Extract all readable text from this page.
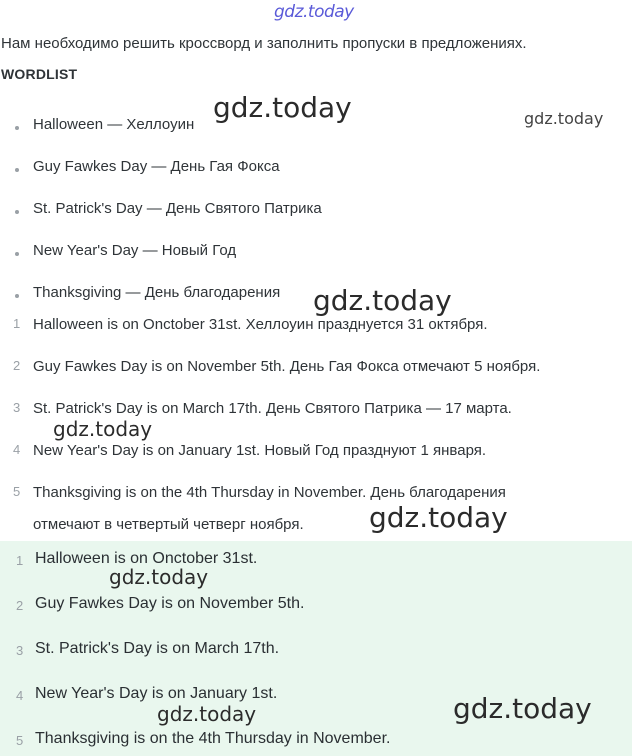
gdz.today
Нам необходимо решить кроссворд и заполнить пропуски в предложениях.
WORDLIST
Halloween — Хеллоуин
Guy Fawkes Day — День Гая Фокса
St. Patrick's Day — День Святого Патрика
New Year's Day — Новый Год
Thanksgiving — День благодарения
1 Halloween is on Onctober 31st. Хеллоуин празднуется 31 октября.
2 Guy Fawkes Day is on November 5th. День Гая Фокса отмечают 5 ноября.
3 St. Patrick's Day is on March 17th. День Святого Патрика — 17 марта.
4 New Year's Day is on January 1st. Новый Год празднуют 1 января.
5 Thanksgiving is on the 4th Thursday in November. День благодарения
отмечают в четвертый четверг ноября.
1 Halloween is on Onctober 31st.
2 Guy Fawkes Day is on November 5th.
3 St. Patrick's Day is on March 17th.
4 New Year's Day is on January 1st.
5 Thanksgiving is on the 4th Thursday in November.
gdz.today	gdz.today
gdz.today
gdz.today
gdz.today
gdz.today
gdz.today
gdz.today
